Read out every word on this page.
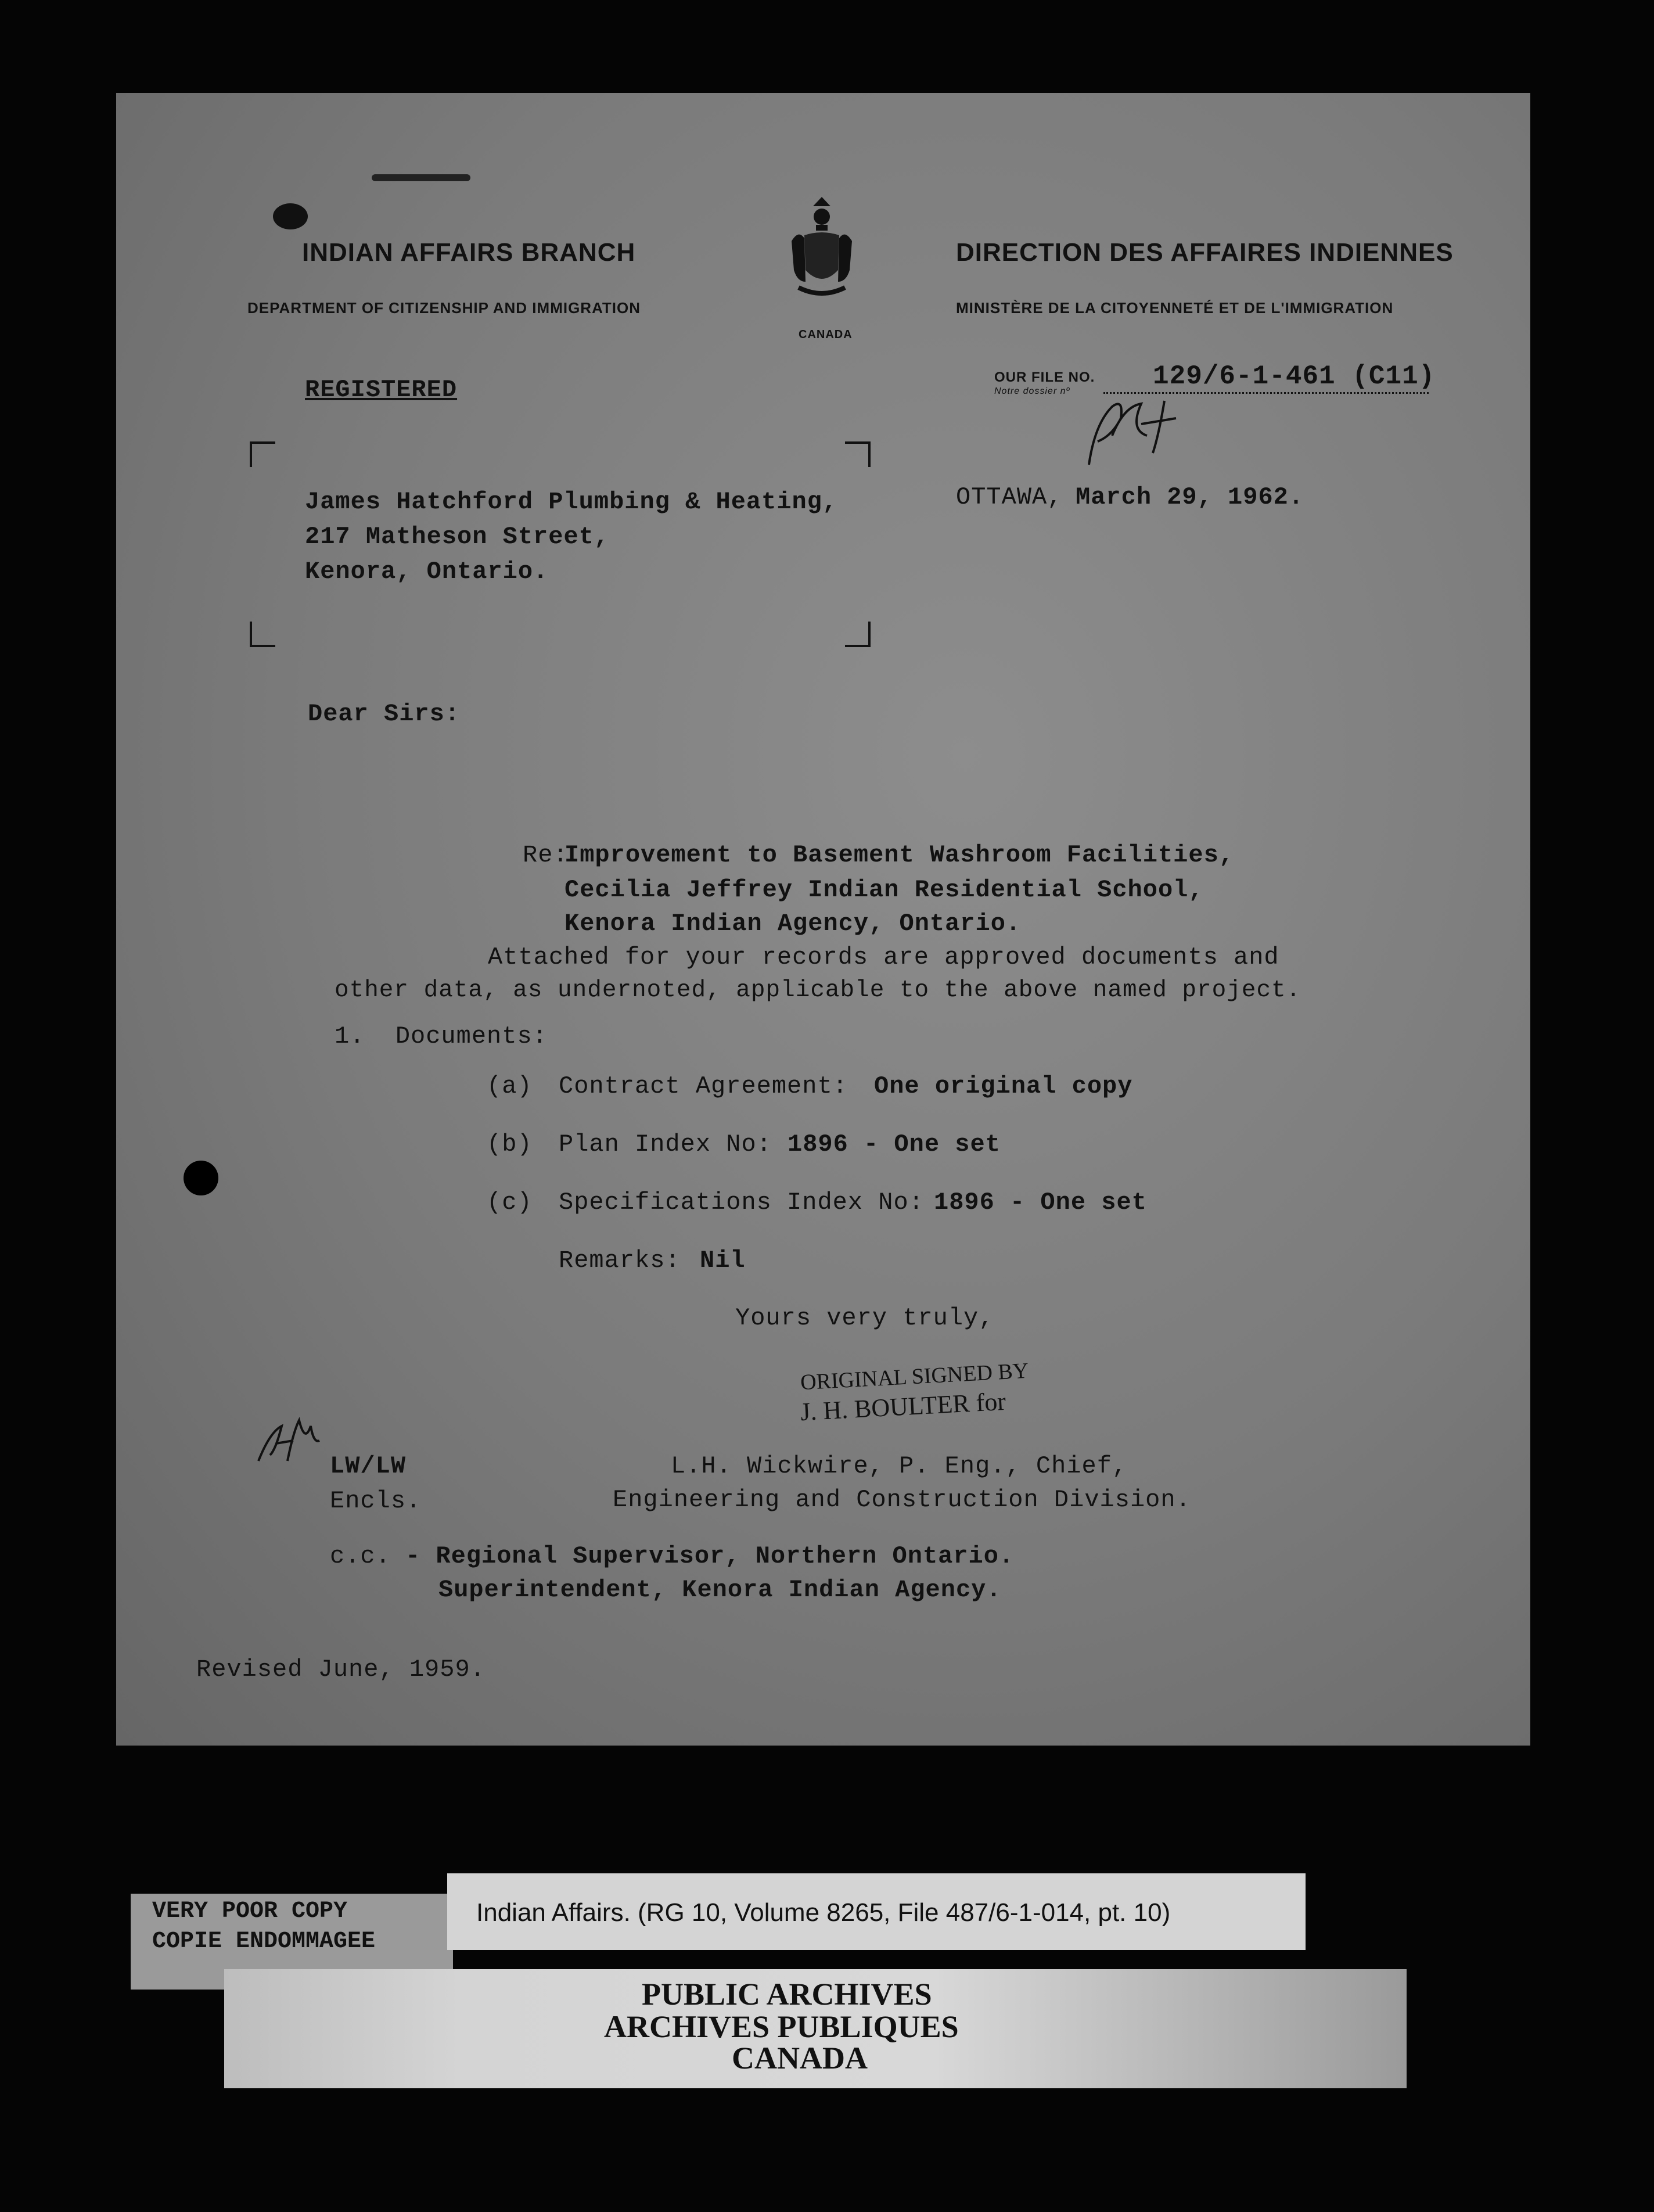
INDIAN AFFAIRS BRANCH
DEPARTMENT OF CITIZENSHIP AND IMMIGRATION
DIRECTION DES AFFAIRES INDIENNES
MINISTÈRE DE LA CITOYENNETÉ ET DE L'IMMIGRATION
CANADA
REGISTERED	OUR FILE NO.
Notre dossier nº	129/6-1-461 (C11)
James Hatchford Plumbing & Heating,
217 Matheson Street,
Kenora, Ontario.
OTTAWA, March 29, 1962.
Dear Sirs:
Re:
Improvement to Basement Washroom Facilities,
Cecilia Jeffrey Indian Residential School,
Kenora Indian Agency, Ontario.
Attached for your records are approved documents and
other data, as undernoted, applicable to the above named project.
1.  Documents:
(a) Contract Agreement: One original copy
(b) Plan Index No: 1896 - One set
(c) Specifications Index No: 1896 - One set
Remarks: Nil
Yours very truly,
ORIGINAL SIGNED BY
J. H. BOULTER for
LW/LW
Encls.
L.H. Wickwire, P. Eng., Chief,
Engineering and Construction Division.
c.c. - Regional Supervisor, Northern Ontario.
Superintendent, Kenora Indian Agency.
Revised June, 1959.
VERY POOR COPY
COPIE ENDOMMAGEE
Indian Affairs. (RG 10, Volume 8265, File 487/6-1-014, pt. 10)
PUBLIC ARCHIVES
ARCHIVES PUBLIQUES
CANADA
